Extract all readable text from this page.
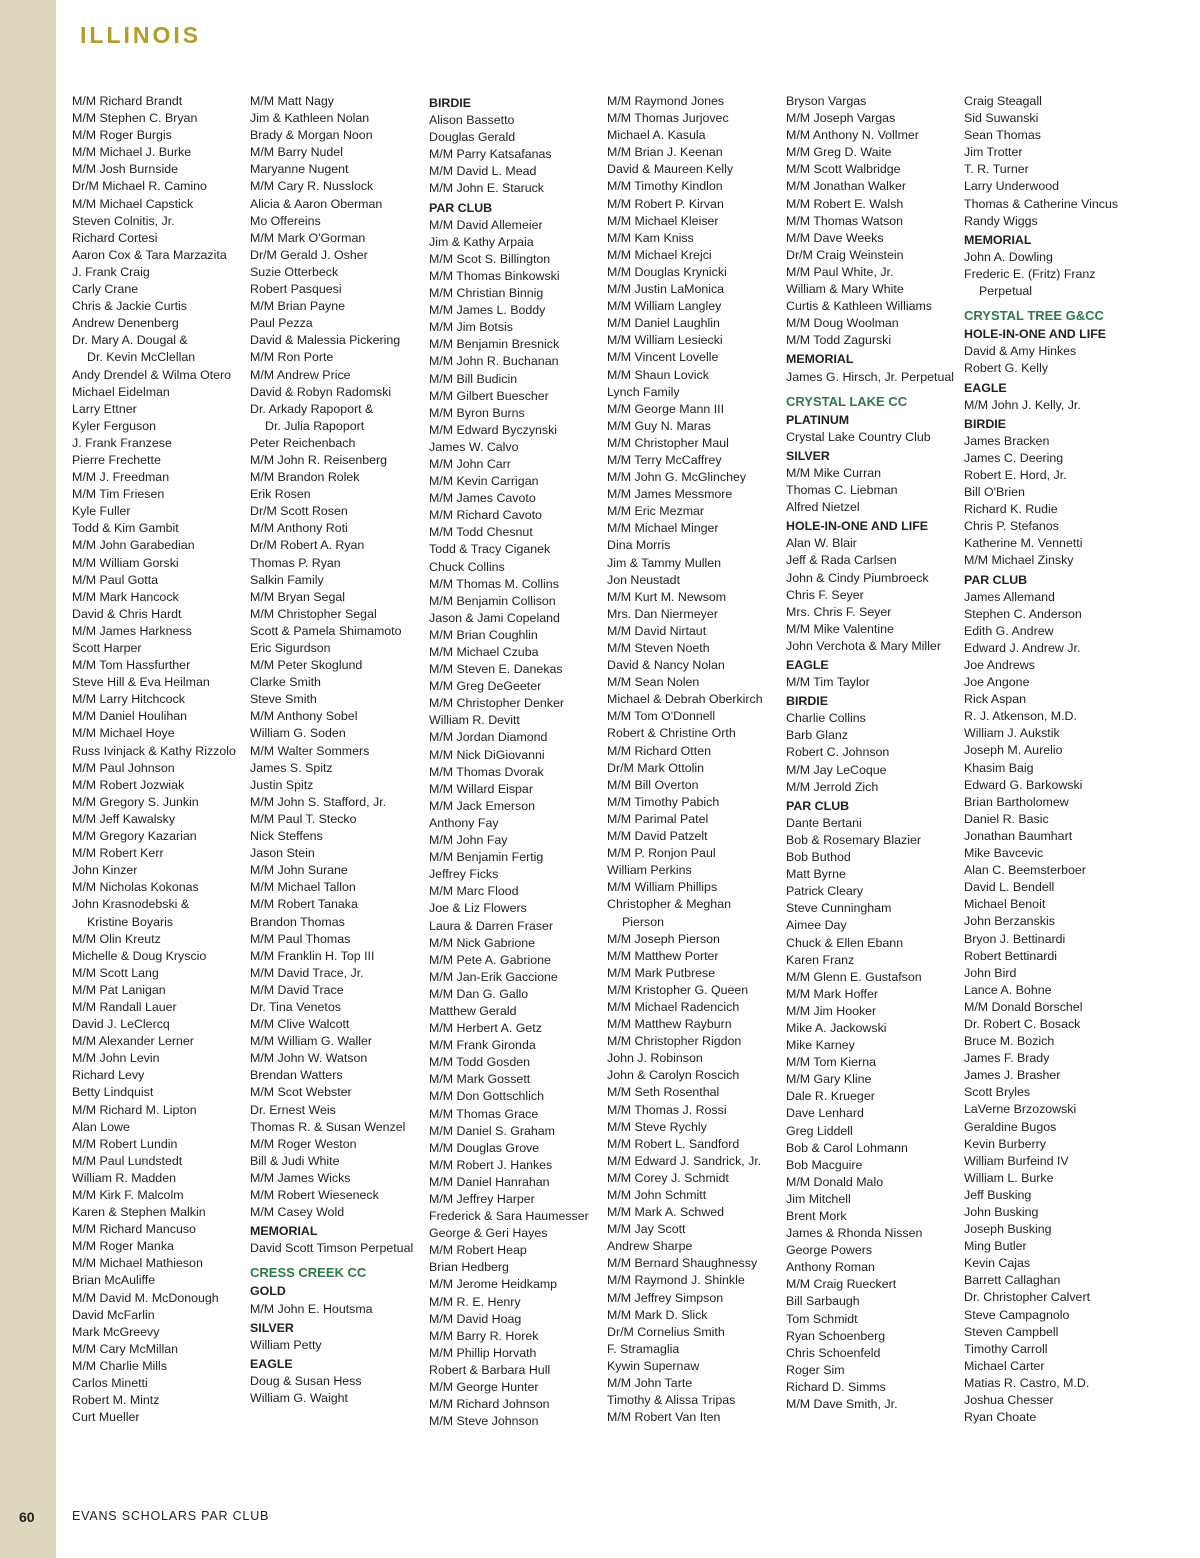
ILLINOIS
M/M Richard Brandt
M/M Stephen C. Bryan
M/M Roger Burgis
M/M Michael J. Burke
M/M Josh Burnside
Dr/M Michael R. Camino
M/M Michael Capstick
Steven Colnitis, Jr.
Richard Cortesi
Aaron Cox & Tara Marzazita
J. Frank Craig
Carly Crane
Chris & Jackie Curtis
Andrew Denenberg
Dr. Mary A. Dougal &
Dr. Kevin McClellan
Andy Drendel & Wilma Otero
Michael Eidelman
Larry Ettner
Kyler Ferguson
J. Frank Franzese
Pierre Frechette
M/M J. Freedman
M/M Tim Friesen
Kyle Fuller
Todd & Kim Gambit
M/M John Garabedian
M/M William Gorski
M/M Paul Gotta
M/M Mark Hancock
David & Chris Hardt
M/M James Harkness
Scott Harper
M/M Tom Hassfurther
Steve Hill & Eva Heilman
M/M Larry Hitchcock
M/M Daniel Houlihan
M/M Michael Hoye
Russ Ivinjack & Kathy Rizzolo
M/M Paul Johnson
M/M Robert Jozwiak
M/M Gregory S. Junkin
M/M Jeff Kawalsky
M/M Gregory Kazarian
M/M Robert Kerr
John Kinzer
M/M Nicholas Kokonas
John Krasnodebski &
Kristine Boyaris
M/M Olin Kreutz
Michelle & Doug Kryscio
M/M Scott Lang
M/M Pat Lanigan
M/M Randall Lauer
David J. LeClercq
M/M Alexander Lerner
M/M John Levin
Richard Levy
Betty Lindquist
M/M Richard M. Lipton
Alan Lowe
M/M Robert Lundin
M/M Paul Lundstedt
William R. Madden
M/M Kirk F. Malcolm
Karen & Stephen Malkin
M/M Richard Mancuso
M/M Roger Manka
M/M Michael Mathieson
Brian McAuliffe
M/M David M. McDonough
David McFarlin
Mark McGreevy
M/M Cary McMillan
M/M Charlie Mills
Carlos Minetti
Robert M. Mintz
Curt Mueller
M/M Matt Nagy
Jim & Kathleen Nolan
Brady & Morgan Noon
M/M Barry Nudel
Maryanne Nugent
M/M Cary R. Nusslock
Alicia & Aaron Oberman
Mo Offereins
M/M Mark O'Gorman
Dr/M Gerald J. Osher
Suzie Otterbeck
Robert Pasquesi
M/M Brian Payne
Paul Pezza
David & Malessia Pickering
M/M Ron Porte
M/M Andrew Price
David & Robyn Radomski
Dr. Arkady Rapoport &
Dr. Julia Rapoport
Peter Reichenbach
M/M John R. Reisenberg
M/M Brandon Rolek
Erik Rosen
Dr/M Scott Rosen
M/M Anthony Roti
Dr/M Robert A. Ryan
Thomas P. Ryan
Salkin Family
M/M Bryan Segal
M/M Christopher Segal
Scott & Pamela Shimamoto
Eric Sigurdson
M/M Peter Skoglund
Clarke Smith
Steve Smith
M/M Anthony Sobel
William G. Soden
M/M Walter Sommers
James S. Spitz
Justin Spitz
M/M John S. Stafford, Jr.
M/M Paul T. Stecko
Nick Steffens
Jason Stein
M/M John Surane
M/M Michael Tallon
M/M Robert Tanaka
Brandon Thomas
M/M Paul Thomas
M/M Franklin H. Top III
M/M David Trace, Jr.
M/M David Trace
Dr. Tina Venetos
M/M Clive Walcott
M/M William G. Waller
M/M John W. Watson
Brendan Watters
M/M Scot Webster
Dr. Ernest Weis
Thomas R. & Susan Wenzel
M/M Roger Weston
Bill & Judi White
M/M James Wicks
M/M Robert Wieseneck
M/M Casey Wold
MEMORIAL
David Scott Timson Perpetual
CRESS CREEK CC
GOLD
M/M John E. Houtsma
SILVER
William Petty
EAGLE
Doug & Susan Hess
William G. Waight
BIRDIE
Alison Bassetto
Douglas Gerald
M/M Parry Katsafanas
M/M David L. Mead
M/M John E. Staruck
PAR CLUB
M/M David Allemeier
Jim & Kathy Arpaia
M/M Scot S. Billington
M/M Thomas Binkowski
M/M Christian Binnig
M/M James L. Boddy
M/M Jim Botsis
M/M Benjamin Bresnick
M/M John R. Buchanan
M/M Bill Budicin
M/M Gilbert Buescher
M/M Byron Burns
M/M Edward Byczynski
James W. Calvo
M/M John Carr
M/M Kevin Carrigan
M/M James Cavoto
M/M Richard Cavoto
M/M Todd Chesnut
Todd & Tracy Ciganek
Chuck Collins
M/M Thomas M. Collins
M/M Benjamin Collison
Jason & Jami Copeland
M/M Brian Coughlin
M/M Michael Czuba
M/M Steven E. Danekas
M/M Greg DeGeeter
M/M Christopher Denker
William R. Devitt
M/M Jordan Diamond
M/M Nick DiGiovanni
M/M Thomas Dvorak
M/M Willard Eispar
M/M Jack Emerson
Anthony Fay
M/M John Fay
M/M Benjamin Fertig
Jeffrey Ficks
M/M Marc Flood
Joe & Liz Flowers
Laura & Darren Fraser
M/M Nick Gabrione
M/M Pete A. Gabrione
M/M Jan-Erik Gaccione
M/M Dan G. Gallo
Matthew Gerald
M/M Herbert A. Getz
M/M Frank Gironda
M/M Todd Gosden
M/M Mark Gossett
M/M Don Gottschlich
M/M Thomas Grace
M/M Daniel S. Graham
M/M Douglas Grove
M/M Robert J. Hankes
M/M Daniel Hanrahan
M/M Jeffrey Harper
Frederick & Sara Haumesser
George & Geri Hayes
M/M Robert Heap
Brian Hedberg
M/M Jerome Heidkamp
M/M R. E. Henry
M/M David Hoag
M/M Barry R. Horek
M/M Phillip Horvath
Robert & Barbara Hull
M/M George Hunter
M/M Richard Johnson
M/M Steve Johnson
M/M Raymond Jones
M/M Thomas Jurjovec
Michael A. Kasula
M/M Brian J. Keenan
David & Maureen Kelly
M/M Timothy Kindlon
M/M Robert P. Kirvan
M/M Michael Kleiser
M/M Kam Kniss
M/M Michael Krejci
M/M Douglas Krynicki
M/M Justin LaMonica
M/M William Langley
M/M Daniel Laughlin
M/M William Lesiecki
M/M Vincent Lovelle
M/M Shaun Lovick
Lynch Family
M/M George Mann III
M/M Guy N. Maras
M/M Christopher Maul
M/M Terry McCaffrey
M/M John G. McGlinchey
M/M James Messmore
M/M Eric Mezmar
M/M Michael Minger
Dina Morris
Jim & Tammy Mullen
Jon Neustadt
M/M Kurt M. Newsom
Mrs. Dan Niermeyer
M/M David Nirtaut
M/M Steven Noeth
David & Nancy Nolan
M/M Sean Nolen
Michael & Debrah Oberkirch
M/M Tom O'Donnell
Robert & Christine Orth
M/M Richard Otten
Dr/M Mark Ottolin
M/M Bill Overton
M/M Timothy Pabich
M/M Parimal Patel
M/M David Patzelt
M/M P. Ronjon Paul
William Perkins
M/M William Phillips
Christopher & Meghan
Pierson
M/M Joseph Pierson
M/M Matthew Porter
M/M Mark Putbrese
M/M Kristopher G. Queen
M/M Michael Radencich
M/M Matthew Rayburn
M/M Christopher Rigdon
John J. Robinson
John & Carolyn Roscich
M/M Seth Rosenthal
M/M Thomas J. Rossi
M/M Steve Rychly
M/M Robert L. Sandford
M/M Edward J. Sandrick, Jr.
M/M Corey J. Schmidt
M/M John Schmitt
M/M Mark A. Schwed
M/M Jay Scott
Andrew Sharpe
M/M Bernard Shaughnessy
M/M Raymond J. Shinkle
M/M Jeffrey Simpson
M/M Mark D. Slick
Dr/M Cornelius Smith
F. Stramaglia
Kywin Supernaw
M/M John Tarte
Timothy & Alissa Tripas
M/M Robert Van Iten
Bryson Vargas
M/M Joseph Vargas
M/M Anthony N. Vollmer
M/M Greg D. Waite
M/M Scott Walbridge
M/M Jonathan Walker
M/M Robert E. Walsh
M/M Thomas Watson
M/M Dave Weeks
Dr/M Craig Weinstein
M/M Paul White, Jr.
William & Mary White
Curtis & Kathleen Williams
M/M Doug Woolman
M/M Todd Zagurski
MEMORIAL
James G. Hirsch, Jr. Perpetual
CRYSTAL LAKE CC
PLATINUM
Crystal Lake Country Club
SILVER
M/M Mike Curran
Thomas C. Liebman
Alfred Nietzel
HOLE-IN-ONE AND LIFE
Alan W. Blair
Jeff & Rada Carlsen
John & Cindy Piumbroeck
Chris F. Seyer
Mrs. Chris F. Seyer
M/M Mike Valentine
John Verchota & Mary Miller
EAGLE
M/M Tim Taylor
BIRDIE
Charlie Collins
Barb Glanz
Robert C. Johnson
M/M Jay LeCoque
M/M Jerrold Zich
PAR CLUB
Dante Bertani
Bob & Rosemary Blazier
Bob Buthod
Matt Byrne
Patrick Cleary
Steve Cunningham
Aimee Day
Chuck & Ellen Ebann
Karen Franz
M/M Glenn E. Gustafson
M/M Mark Hoffer
M/M Jim Hooker
Mike A. Jackowski
Mike Karney
M/M Tom Kierna
M/M Gary Kline
Dale R. Krueger
Dave Lenhard
Greg Liddell
Bob & Carol Lohmann
Bob Macguire
M/M Donald Malo
Jim Mitchell
Brent Mork
James & Rhonda Nissen
George Powers
Anthony Roman
M/M Craig Rueckert
Bill Sarbaugh
Tom Schmidt
Ryan Schoenberg
Chris Schoenfeld
Roger Sim
Richard D. Simms
M/M Dave Smith, Jr.
Craig Steagall
Sid Suwanski
Sean Thomas
Jim Trotter
T. R. Turner
Larry Underwood
Thomas & Catherine Vincus
Randy Wiggs
MEMORIAL
John A. Dowling
Frederic E. (Fritz) Franz
Perpetual
CRYSTAL TREE G&CC
HOLE-IN-ONE AND LIFE
David & Amy Hinkes
Robert G. Kelly
EAGLE
M/M John J. Kelly, Jr.
BIRDIE
James Bracken
James C. Deering
Robert E. Hord, Jr.
Bill O'Brien
Richard K. Rudie
Chris P. Stefanos
Katherine M. Vennetti
M/M Michael Zinsky
PAR CLUB
James Allemand
Stephen C. Anderson
Edith G. Andrew
Edward J. Andrew Jr.
Joe Andrews
Joe Angone
Rick Aspan
R. J. Atkenson, M.D.
William J. Aukstik
Joseph M. Aurelio
Khasim Baig
Edward G. Barkowski
Brian Bartholomew
Daniel R. Basic
Jonathan Baumhart
Mike Bavcevic
Alan C. Beemsterboer
David L. Bendell
Michael Benoit
John Berzanskis
Bryon J. Bettinardi
Robert Bettinardi
John Bird
Lance A. Bohne
M/M Donald Borschel
Dr. Robert C. Bosack
Bruce M. Bozich
James F. Brady
James J. Brasher
Scott Bryles
LaVerne Brzozowski
Geraldine Bugos
Kevin Burberry
William Burfeind IV
William L. Burke
Jeff Busking
John Busking
Joseph Busking
Ming Butler
Kevin Cajas
Barrett Callaghan
Dr. Christopher Calvert
Steve Campagnolo
Steven Campbell
Timothy Carroll
Michael Carter
Matias R. Castro, M.D.
Joshua Chesser
Ryan Choate
60	EVANS SCHOLARS PAR CLUB
